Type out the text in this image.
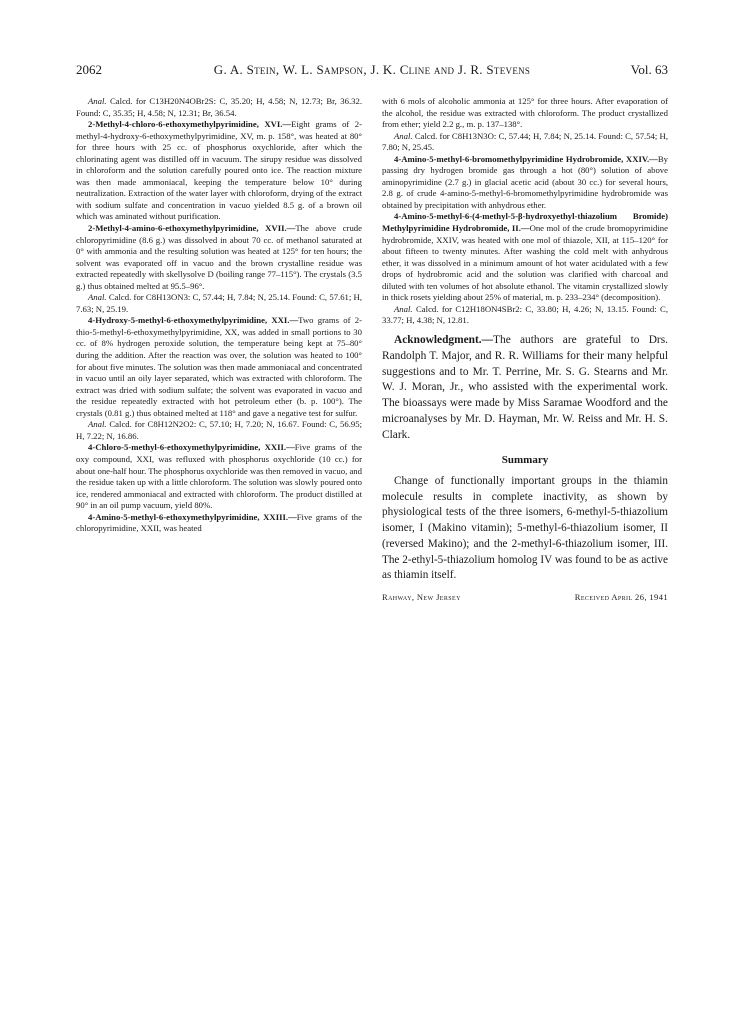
2062	G. A. Stein, W. L. Sampson, J. K. Cline and J. R. Stevens	Vol. 63

Anal. Calcd. for C13H20N4OBr2S: C, 35.20; H, 4.58; N, 12.73; Br, 36.32. Found: C, 35.35; H, 4.58; N, 12.31; Br, 36.54.

2-Methyl-4-chloro-6-ethoxymethylpyrimidine, XVI.—Eight grams of 2-methyl-4-hydroxy-6-ethoxymethylpyrimidine, XV, m. p. 158°, was heated at 80° for three hours with 25 cc. of phosphorus oxychloride, after which the chlorinating agent was distilled off in vacuum. The sirupy residue was dissolved in chloroform and the solution carefully poured onto ice. The reaction mixture was then made ammoniacal, keeping the temperature below 10° during neutralization. Extraction of the water layer with chloroform, drying of the extract with sodium sulfate and concentration in vacuo yielded 8.5 g. of a brown oil which was aminated without purification.

2-Methyl-4-amino-6-ethoxymethylpyrimidine, XVII.—The above crude chloropyrimidine (8.6 g.) was dissolved in about 70 cc. of methanol saturated at 0° with ammonia and the resulting solution was heated at 125° for ten hours; the solvent was evaporated off in vacuo and the brown crystalline residue was extracted repeatedly with skellysolve D (boiling range 77–115°). The crystals (3.5 g.) thus obtained melted at 95.5–96°.

Anal. Calcd. for C8H13ON3: C, 57.44; H, 7.84; N, 25.14. Found: C, 57.61; H, 7.63; N, 25.19.

4-Hydroxy-5-methyl-6-ethoxymethylpyrimidine, XXI.—Two grams of 2-thio-5-methyl-6-ethoxymethylpyrimidine, XX, was added in small portions to 30 cc. of 8% hydrogen peroxide solution, the temperature being kept at 75–80° during the addition. After the reaction was over, the solution was heated to 100° for about five minutes. The solution was then made ammoniacal and concentrated in vacuo until an oily layer separated, which was extracted with chloroform. The extract was dried with sodium sulfate; the solvent was evaporated in vacuo and the residue repeatedly extracted with hot petroleum ether (b. p. 100°). The crystals (0.81 g.) thus obtained melted at 118° and gave a negative test for sulfur.

Anal. Calcd. for C8H12N2O2: C, 57.10; H, 7.20; N, 16.67. Found: C, 56.95; H, 7.22; N, 16.86.

4-Chloro-5-methyl-6-ethoxymethylpyrimidine, XXII.—Five grams of the oxy compound, XXI, was refluxed with phosphorus oxychloride (10 cc.) for about one-half hour. The phosphorus oxychloride was then removed in vacuo, and the residue taken up with a little chloroform. The solution was slowly poured onto ice, rendered ammoniacal and extracted with chloroform. The product distilled at 90° in an oil pump vacuum, yield 80%.

4-Amino-5-methyl-6-ethoxymethylpyrimidine, XXIII.—Five grams of the chloropyrimidine, XXII, was heated

with 6 mols of alcoholic ammonia at 125° for three hours. After evaporation of the alcohol, the residue was extracted with chloroform. The product crystallized from ether; yield 2.2 g., m. p. 137–138°.

Anal. Calcd. for C8H13N3O: C, 57.44; H, 7.84; N, 25.14. Found: C, 57.54; H, 7.80; N, 25.45.

4-Amino-5-methyl-6-bromomethylpyrimidine Hydrobromide, XXIV.—By passing dry hydrogen bromide gas through a hot (80°) solution of above aminopyrimidine (2.7 g.) in glacial acetic acid (about 30 cc.) for several hours, 2.8 g. of crude 4-amino-5-methyl-6-bromomethylpyrimidine hydrobromide was obtained by precipitation with anhydrous ether.

4-Amino-5-methyl-6-(4-methyl-5-β-hydroxyethyl-thiazolium Bromide) Methylpyrimidine Hydrobromide, II.—One mol of the crude bromopyrimidine hydrobromide, XXIV, was heated with one mol of thiazole, XII, at 115–120° for about fifteen to twenty minutes. After washing the cold melt with anhydrous ether, it was dissolved in a minimum amount of hot water acidulated with a few drops of hydrobromic acid and the solution was clarified with charcoal and diluted with ten volumes of hot absolute ethanol. The vitamin crystallized slowly in thick rosets yielding about 25% of material, m. p. 233–234° (decomposition).

Anal. Calcd. for C12H18ON4SBr2: C, 33.80; H, 4.26; N, 13.15. Found: C, 33.77; H, 4.38; N, 12.81.

Acknowledgment.—The authors are grateful to Drs. Randolph T. Major, and R. R. Williams for their many helpful suggestions and to Mr. T. Perrine, Mr. S. G. Stearns and Mr. W. J. Moran, Jr., who assisted with the experimental work. The bioassays were made by Miss Saramae Woodford and the microanalyses by Mr. D. Hayman, Mr. W. Reiss and Mr. H. S. Clark.

Summary

Change of functionally important groups in the thiamin molecule results in complete inactivity, as shown by physiological tests of the three isomers, 6-methyl-5-thiazolium isomer, I (Makino vitamin); 5-methyl-6-thiazolium isomer, II (reversed Makino); and the 2-methyl-6-thiazolium isomer, III. The 2-ethyl-5-thiazolium homolog IV was found to be as active as thiamin itself.

Rahway, New Jersey	Received April 26, 1941
